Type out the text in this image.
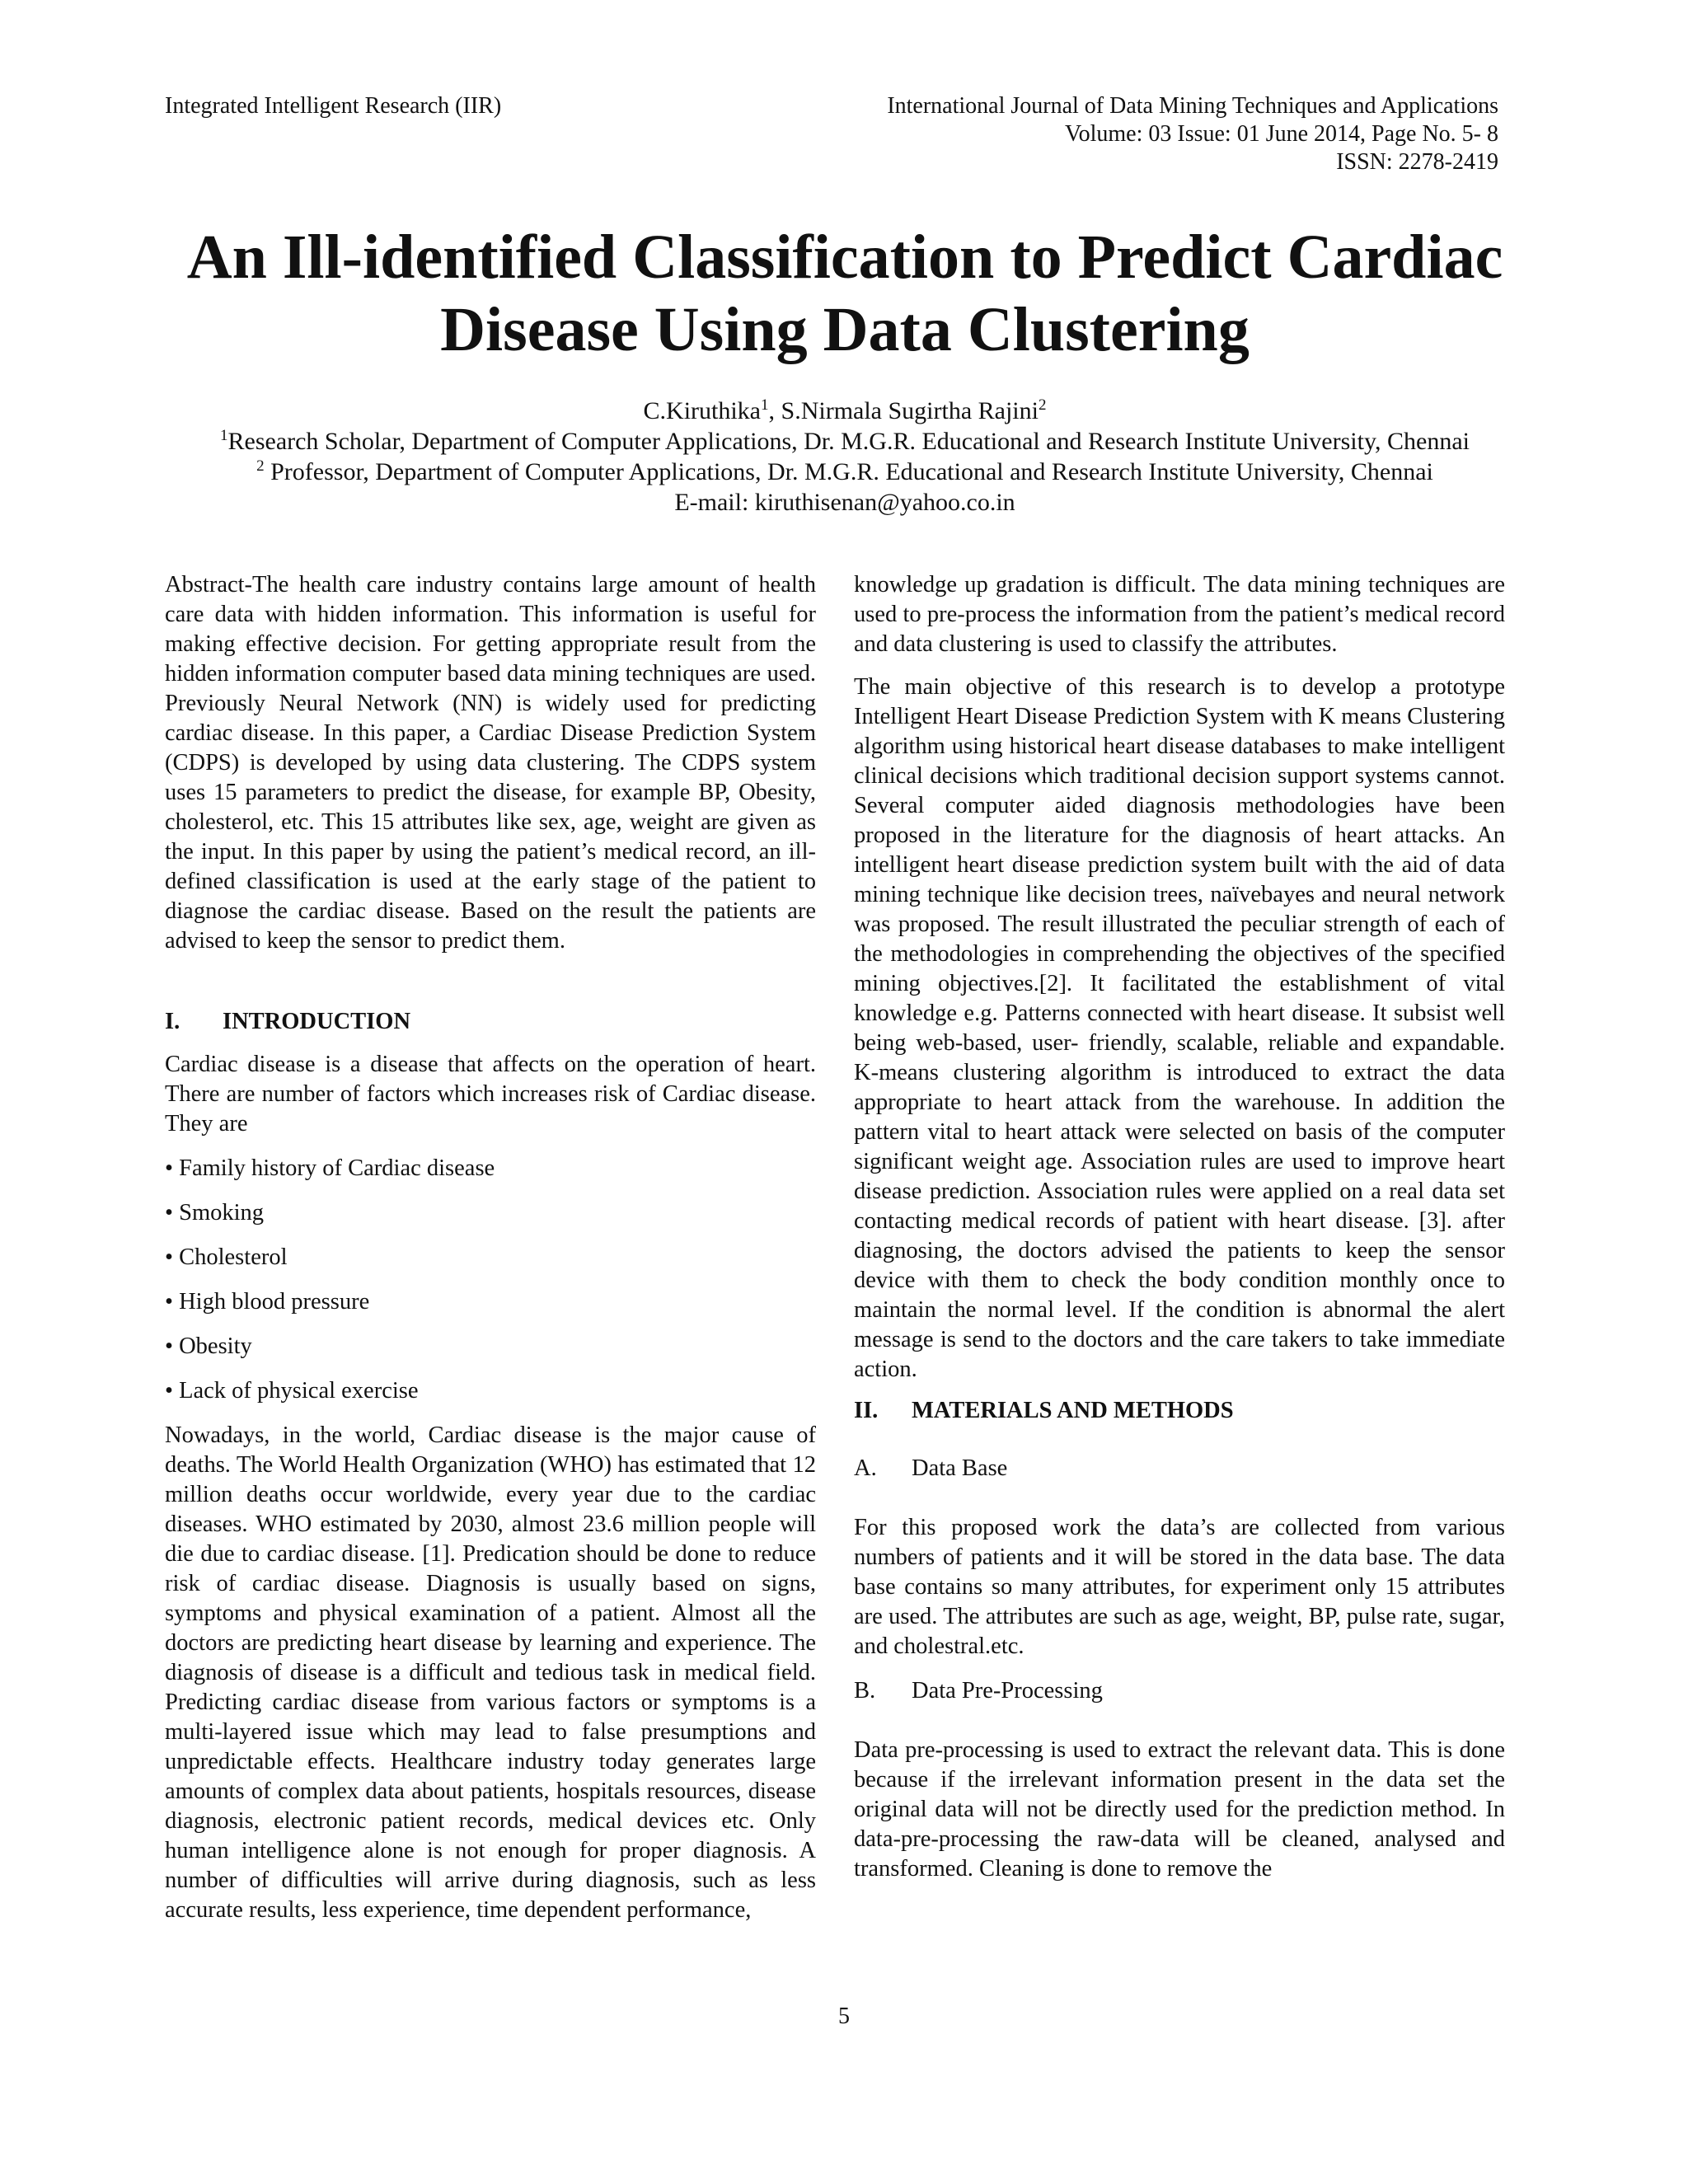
Integrated Intelligent Research (IIR)	International Journal of Data Mining Techniques and Applications
Volume: 03 Issue: 01 June 2014, Page No. 5- 8
ISSN: 2278-2419
An Ill-identified Classification to Predict Cardiac Disease Using Data Clustering
C.Kiruthika$^1$, S.Nirmala Sugirtha Rajini$^2$
$^1$Research Scholar, Department of Computer Applications, Dr. M.G.R. Educational and Research Institute University, Chennai
$^2$ Professor, Department of Computer Applications, Dr. M.G.R. Educational and Research Institute University, Chennai
E-mail: kiruthisenan@yahoo.co.in

Abstract-The health care industry contains large amount of health care data with hidden information. This information is useful for making effective decision. For getting appropriate result from the hidden information computer based data mining techniques are used. Previously Neural Network (NN) is widely used for predicting cardiac disease. In this paper, a Cardiac Disease Prediction System (CDPS) is developed by using data clustering. The CDPS system uses 15 parameters to predict the disease, for example BP, Obesity, cholesterol, etc. This 15 attributes like sex, age, weight are given as the input. In this paper by using the patient’s medical record, an ill-defined classification is used at the early stage of the patient to diagnose the cardiac disease. Based on the result the patients are advised to keep the sensor to predict them.

I. INTRODUCTION

Cardiac disease is a disease that affects on the operation of heart. There are number of factors which increases risk of Cardiac disease. They are

• Family history of Cardiac disease

• Smoking

• Cholesterol

• High blood pressure

• Obesity

• Lack of physical exercise

Nowadays, in the world, Cardiac disease is the major cause of deaths. The World Health Organization (WHO) has estimated that 12 million deaths occur worldwide, every year due to the cardiac diseases. WHO estimated by 2030, almost 23.6 million people will die due to cardiac disease. [1]. Predication should be done to reduce risk of cardiac disease. Diagnosis is usually based on signs, symptoms and physical examination of a patient. Almost all the doctors are predicting heart disease by learning and experience. The diagnosis of disease is a difficult and tedious task in medical field. Predicting cardiac disease from various factors or symptoms is a multi-layered issue which may lead to false presumptions and unpredictable effects. Healthcare industry today generates large amounts of complex data about patients, hospitals resources, disease diagnosis, electronic patient records, medical devices etc. Only human intelligence alone is not enough for proper diagnosis. A number of difficulties will arrive during diagnosis, such as less accurate results, less experience, time dependent performance,

knowledge up gradation is difficult. The data mining techniques are used to pre-process the information from the patient’s medical record and data clustering is used to classify the attributes.

The main objective of this research is to develop a prototype Intelligent Heart Disease Prediction System with K means Clustering algorithm using historical heart disease databases to make intelligent clinical decisions which traditional decision support systems cannot. Several computer aided diagnosis methodologies have been proposed in the literature for the diagnosis of heart attacks. An intelligent heart disease prediction system built with the aid of data mining technique like decision trees, naïvebayes and neural network was proposed. The result illustrated the peculiar strength of each of the methodologies in comprehending the objectives of the specified mining objectives.[2]. It facilitated the establishment of vital knowledge e.g. Patterns connected with heart disease. It subsist well being web-based, user- friendly, scalable, reliable and expandable. K-means clustering algorithm is introduced to extract the data appropriate to heart attack from the warehouse. In addition the pattern vital to heart attack were selected on basis of the computer significant weight age. Association rules are used to improve heart disease prediction. Association rules were applied on a real data set contacting medical records of patient with heart disease. [3]. after diagnosing, the doctors advised the patients to keep the sensor device with them to check the body condition monthly once to maintain the normal level. If the condition is abnormal the alert message is send to the doctors and the care takers to take immediate action.

II. MATERIALS AND METHODS

A. Data Base

For this proposed work the data’s are collected from various numbers of patients and it will be stored in the data base. The data base contains so many attributes, for experiment only 15 attributes are used. The attributes are such as age, weight, BP, pulse rate, sugar, and cholestral.etc.

B. Data Pre-Processing

Data pre-processing is used to extract the relevant data. This is done because if the irrelevant information present in the data set the original data will not be directly used for the prediction method. In data-pre-processing the raw-data will be cleaned, analysed and transformed. Cleaning is done to remove the

5
